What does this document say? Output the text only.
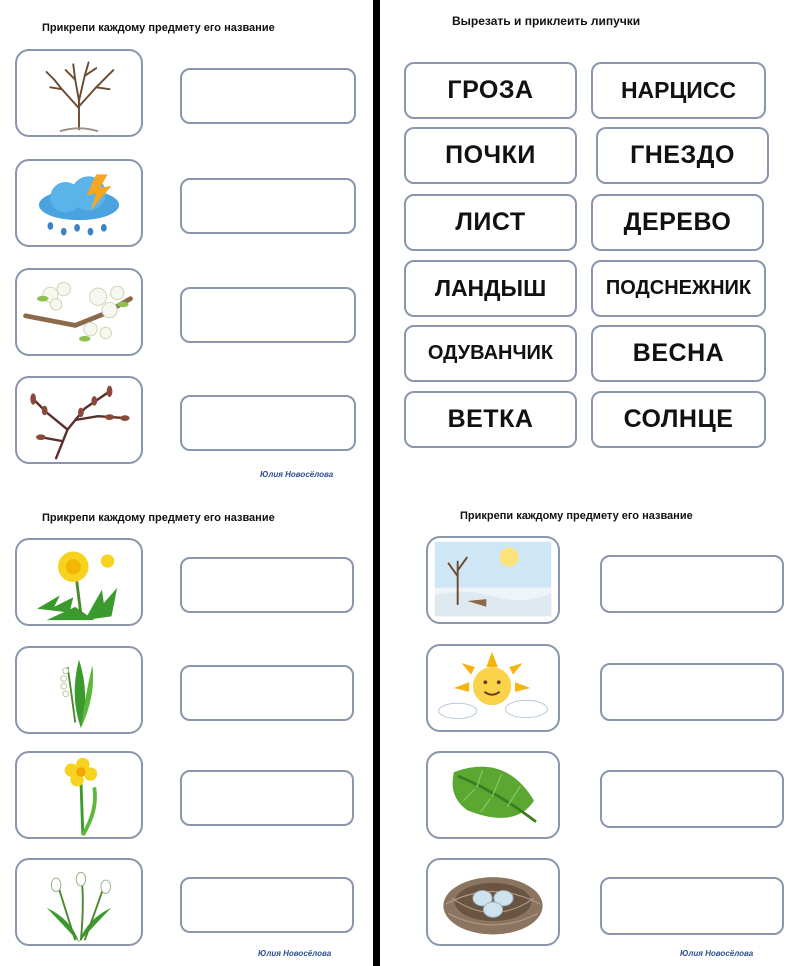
Прикрепи каждому предмету его название
Юлия Новосёлова
Вырезать и приклеить липучки
ГРОЗА	НАРЦИСС
ПОЧКИ	ГНЕЗДО
ЛИСТ	ДЕРЕВО
ЛАНДЫШ	ПОДСНЕЖНИК
ОДУВАНЧИК	ВЕСНА
ВЕТКА	СОЛНЦЕ
Прикрепи каждому предмету его название
Юлия Новосёлова
Прикрепи каждому предмету его название
Юлия Новосёлова
